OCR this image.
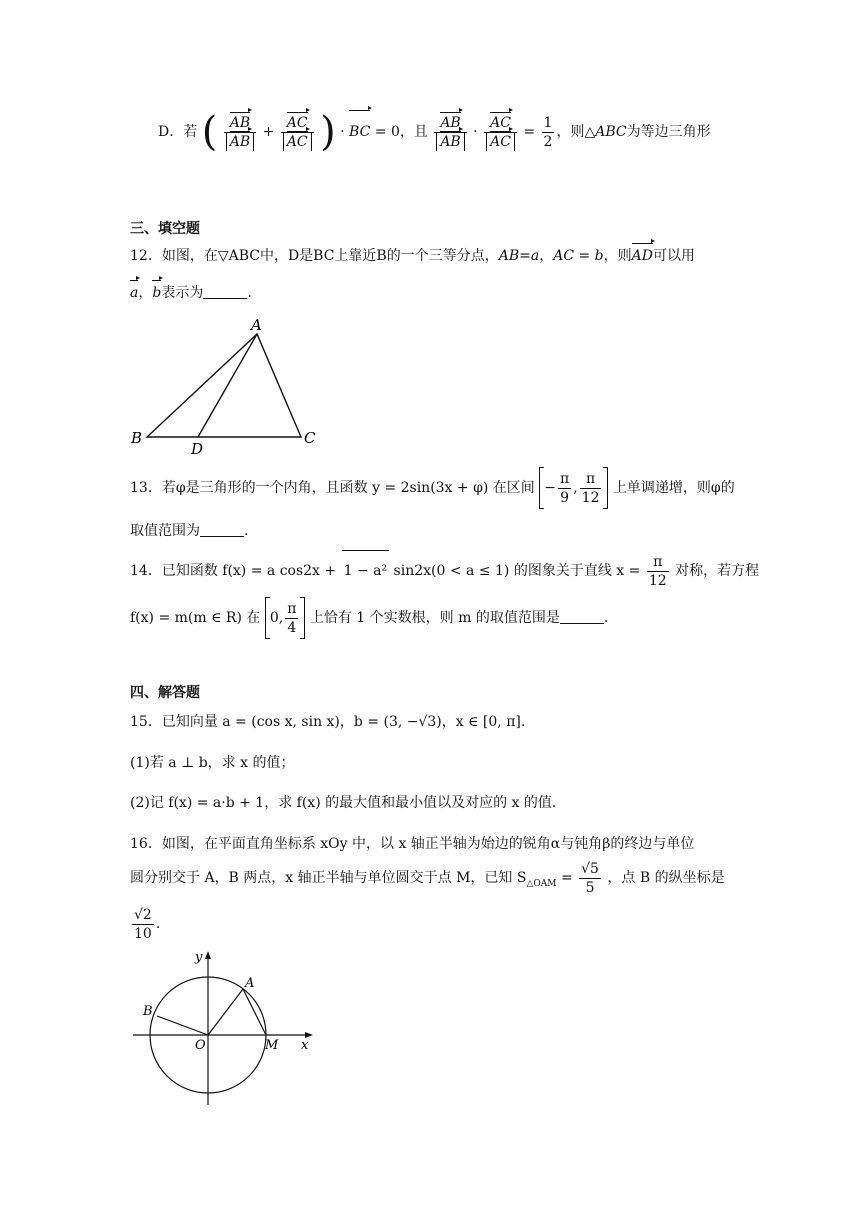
D．若 ( $\frac{AB}{AB} + \frac{AC}{AC}$ ) · BC = 0，且 $\frac{AB}{AB} \cdot \frac{AC}{AC} = \frac{1}{2}$ ，则△ABC为等边三角形
三、填空题
12．如图，在▽ABC中，D是BC上靠近B的一个三等分点，AB=a，AC = b，则AD可以用
a，b表示为	.
A
B	C
D
13．若φ是三角形的一个内角，且函数 y = 2sin(3x + φ) 在区间 − $\frac{\pi}{9}$ , $\frac{\pi}{12}$ 上单调递增，则φ的
取值范围为	.
14．已知函数 f(x) = a cos2x + 1 − a² sin2x(0 < a ≤ 1) 的图象关于直线 $x = \frac{\pi}{12}$ 对称，若方程
f(x) = m(m ∈ R) 在 0, $\frac{\pi}{4}$ 上恰有 1 个实数根，则 m 的取值范围是	.
四、解答题
15．已知向量 a = (cos x, sin x)，b = (3, −√3)，x ∈ [0, π].
(1)若 a ⊥ b，求 x 的值；
(2)记 f(x) = a·b + 1，求 f(x) 的最大值和最小值以及对应的 x 的值.
16．如图，在平面直角坐标系 xOy 中，以 x 轴正半轴为始边的锐角α与钝角β的终边与单位
圆分别交于 A，B 两点，x 轴正半轴与单位圆交于点 M，已知 $S_{\triangle OAM} = \frac{√5}{5}$ ，点 B 的纵坐标是
$\frac{√2}{10}$ .
y
x
O
A
B
M
